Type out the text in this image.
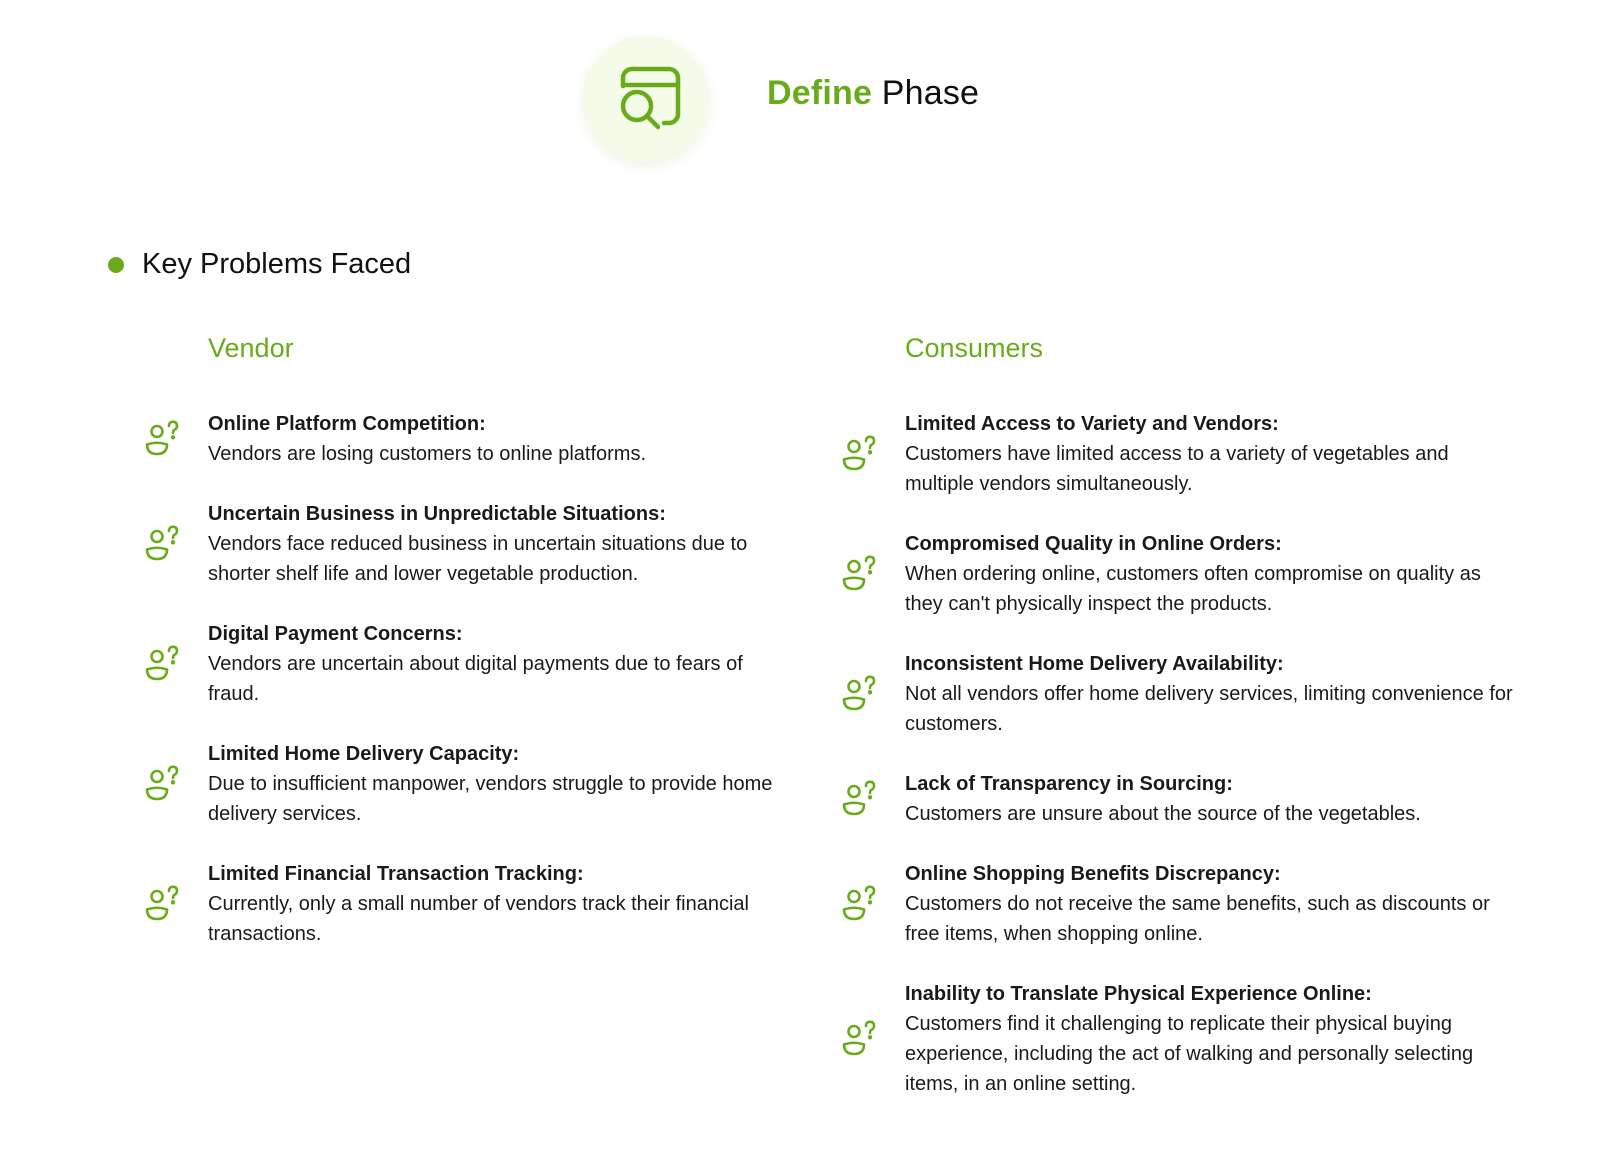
Define Phase
Key Problems Faced
Vendor
Online Platform Competition:
Vendors are losing customers to online platforms.
Uncertain Business in Unpredictable Situations:
Vendors face reduced business in uncertain situations due to shorter shelf life and lower vegetable production.
Digital Payment Concerns:
Vendors are uncertain about digital payments due to fears of fraud.
Limited Home Delivery Capacity:
Due to insufficient manpower, vendors struggle to provide home delivery services.
Limited Financial Transaction Tracking:
Currently, only a small number of vendors track their financial transactions.
Consumers
Limited Access to Variety and Vendors:
Customers have limited access to a variety of vegetables and multiple vendors simultaneously.
Compromised Quality in Online Orders:
When ordering online, customers often compromise on quality as they can't physically inspect the products.
Inconsistent Home Delivery Availability:
Not all vendors offer home delivery services, limiting convenience for customers.
Lack of Transparency in Sourcing:
Customers are unsure about the source of the vegetables.
Online Shopping Benefits Discrepancy:
Customers do not receive the same benefits, such as discounts or free items, when shopping online.
Inability to Translate Physical Experience Online:
Customers find it challenging to replicate their physical buying experience, including the act of walking and personally selecting items, in an online setting.
